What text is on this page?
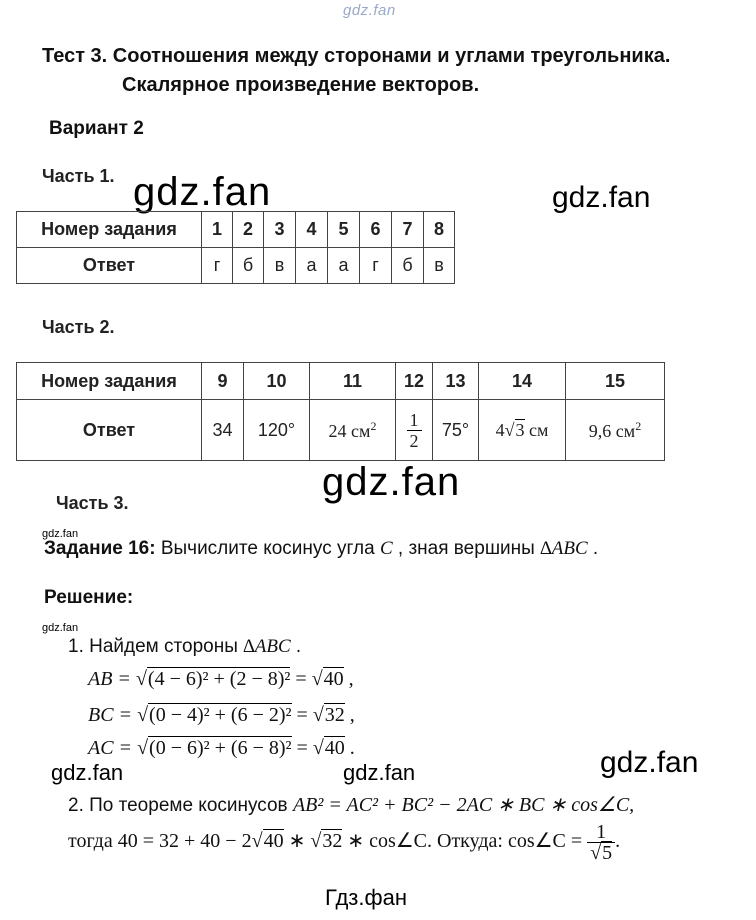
gdz.fan
Тест 3. Соотношения между сторонами и углами треугольника.
Скалярное произведение векторов.
Вариант 2
Часть 1. gdz.fan	gdz.fan
Номер задания	1	2	3	4	5	6	7	8
Ответ	г	б	в	а	а	г	б	в
Часть 2.
Номер задания	9	10	11	12	13	14	15
Ответ	34	120°	24 $см^2$	$\frac{1}{2}$	75°	4√3 см	9,6 $см^2$
gdz.fan
Часть 3.
gdz.fan
Задание 16: Вычислите косинус угла C , зная вершины ∆ABC .
Решение:
gdz.fan
1. Найдем стороны ∆ABC .
AB = √(4 − 6)² + (2 − 8)² = √40 ,
BC = √(0 − 4)² + (6 − 2)² = √32 ,
AC = √(0 − 6)² + (6 − 8)² = √40 .
gdz.fan	gdz.fan	gdz.fan
2. По теореме косинусов AB² = AC² + BC² − 2AC ∗ BC ∗ cos∠C,
тогда 40 = 32 + 40 − 2√40 ∗ √32 ∗ cos∠C. Откуда: cos∠C = $\frac{1}{√5}$ .
Гдз.фан
